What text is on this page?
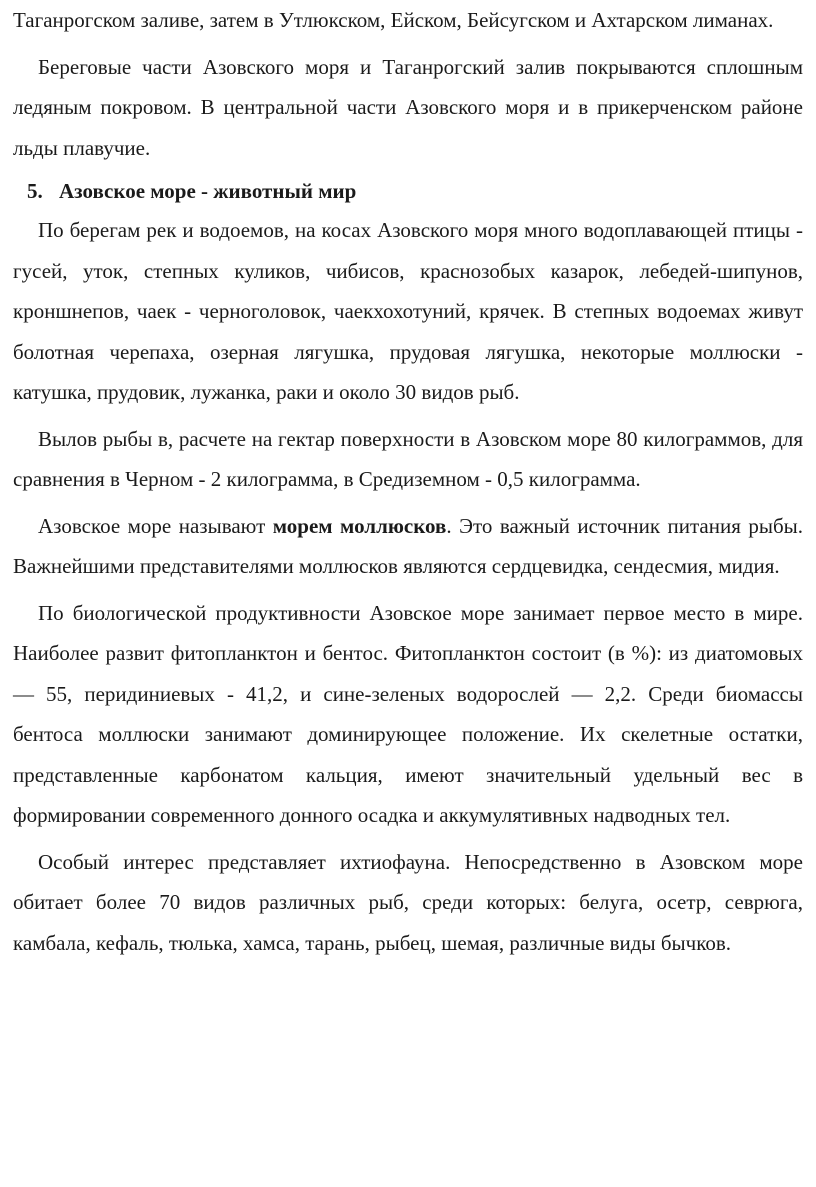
Таганрогском заливе, затем в Утлюкском, Ейском, Бейсугском и Ахтарском лиманах.

Береговые части Азовского моря и Таганрогский залив покрываются сплошным ледяным покровом. В центральной части Азовского моря и в прикерченском районе льды плавучие.

5. Азовское море - животный мир

По берегам рек и водоемов, на косах Азовского моря много водоплавающей птицы - гусей, уток, степных куликов, чибисов, краснозобых казарок, лебедей-шипунов, кроншнепов, чаек - черноголовок, чаекхохотуний, крячек. В степных водоемах живут болотная черепаха, озерная лягушка, прудовая лягушка, некоторые моллюски - катушка, прудовик, лужанка, раки и около 30 видов рыб.

Вылов рыбы в, расчете на гектар поверхности в Азовском море 80 килограммов, для сравнения в Черном - 2 килограмма, в Средиземном - 0,5 килограмма.

Азовское море называют морем моллюсков. Это важный источник питания рыбы. Важнейшими представителями моллюсков являются сердцевидка, сендесмия, мидия.

По биологической продуктивности Азовское море занимает первое место в мире. Наиболее развит фитопланктон и бентос. Фитопланктон состоит (в %): из диатомовых — 55, перидиниевых - 41,2, и сине-зеленых водорослей — 2,2. Среди биомассы бентоса моллюски занимают доминирующее положение. Их скелетные остатки, представленные карбонатом кальция, имеют значительный удельный вес в формировании современного донного осадка и аккумулятивных надводных тел.

Особый интерес представляет ихтиофауна. Непосредственно в Азовском море обитает более 70 видов различных рыб, среди которых: белуга, осетр, севрюга, камбала, кефаль, тюлька, хамса, тарань, рыбец, шемая, различные виды бычков.
